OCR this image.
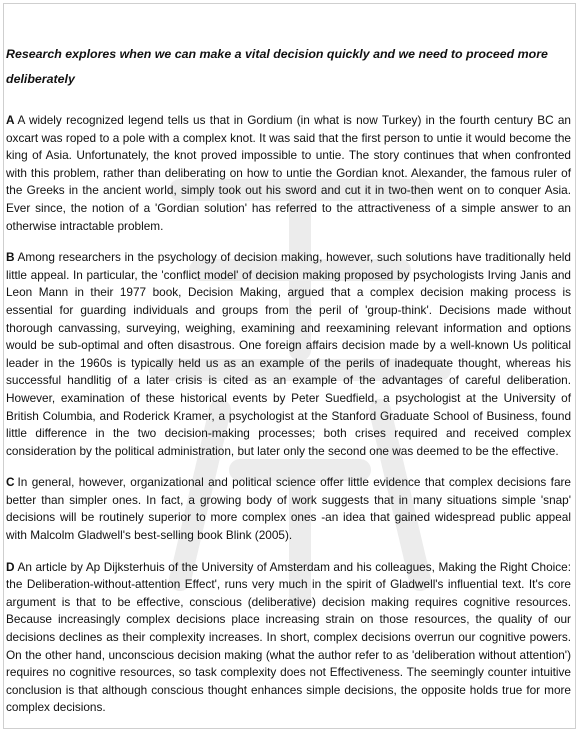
Research explores when we can make a vital decision quickly and we need to proceed more deliberately

A A widely recognized legend tells us that in Gordium (in what is now Turkey) in the fourth century BC an oxcart was roped to a pole with a complex knot. It was said that the first person to untie it would become the king of Asia. Unfortunately, the knot proved impossible to untie. The story continues that when confronted with this problem, rather than deliberating on how to untie the Gordian knot. Alexander, the famous ruler of the Greeks in the ancient world, simply took out his sword and cut it in two-then went on to conquer Asia. Ever since, the notion of a 'Gordian solution' has referred to the attractiveness of a simple answer to an otherwise intractable problem.

B Among researchers in the psychology of decision making, however, such solutions have traditionally held little appeal. In particular, the 'conflict model' of decision making proposed by psychologists Irving Janis and Leon Mann in their 1977 book, Decision Making, argued that a complex decision making process is essential for guarding individuals and groups from the peril of 'group-think'. Decisions made without thorough canvassing, surveying, weighing, examining and reexamining relevant information and options would be sub-optimal and often disastrous. One foreign affairs decision made by a well-known Us political leader in the 1960s is typically held us as an example of the perils of inadequate thought, whereas his successful handlitig of a later crisis is cited as an example of the advantages of careful deliberation. However, examination of these historical events by Peter Suedfield, a psychologist at the University of British Columbia, and Roderick Kramer, a psychologist at the Stanford Graduate School of Business, found little difference in the two decision-making processes; both crises required and received complex consideration by the political administration, but later only the second one was deemed to be the effective.

C In general, however, organizational and political science offer little evidence that complex decisions fare better than simpler ones. In fact, a growing body of work suggests that in many situations simple 'snap' decisions will be routinely superior to more complex ones -an idea that gained widespread public appeal with Malcolm Gladwell's best-selling book Blink (2005).

D An article by Ap Dijksterhuis of the University of Amsterdam and his colleagues, Making the Right Choice: the Deliberation-without-attention Effect', runs very much in the spirit of Gladwell's influential text. It's core argument is that to be effective, conscious (deliberative) decision making requires cognitive resources. Because increasingly complex decisions place increasing strain on those resources, the quality of our decisions declines as their complexity increases. In short, complex decisions overrun our cognitive powers. On the other hand, unconscious decision making (what the author refer to as 'deliberation without attention') requires no cognitive resources, so task complexity does not Effectiveness. The seemingly counter intuitive conclusion is that although conscious thought enhances simple decisions, the opposite holds true for more complex decisions.
